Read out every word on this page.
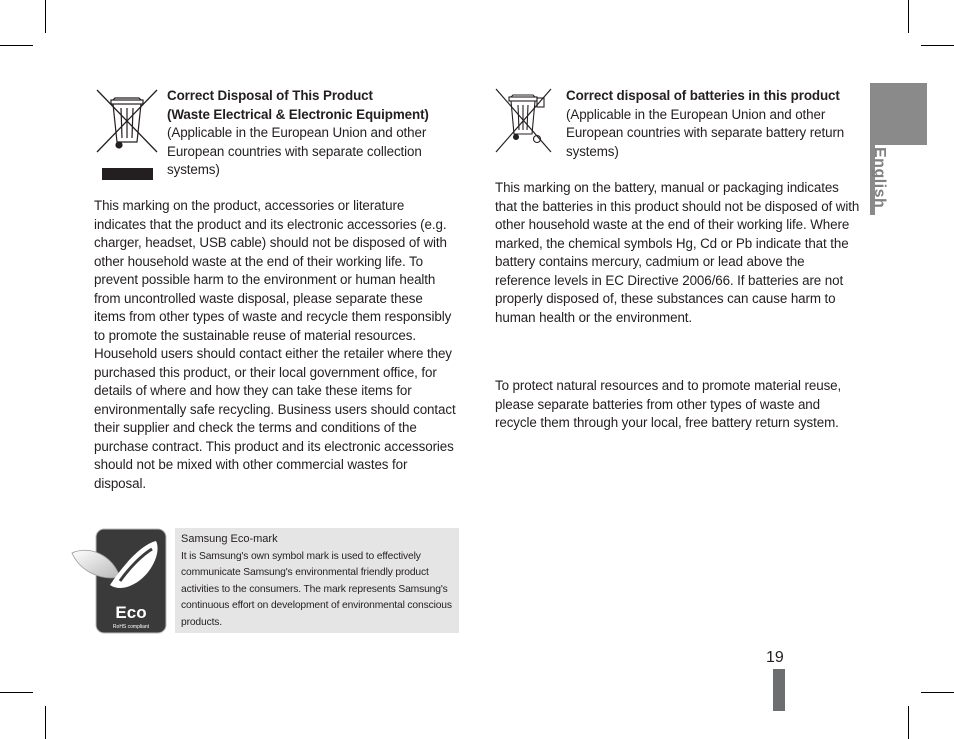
Correct Disposal of This Product
(Waste Electrical & Electronic Equipment)
(Applicable in the European Union and other European countries with separate collection systems)

This marking on the product, accessories or literature indicates that the product and its electronic accessories (e.g. charger, headset, USB cable) should not be disposed of with other household waste at the end of their working life. To prevent possible harm to the environment or human health from uncontrolled waste disposal, please separate these items from other types of waste and recycle them responsibly to promote the sustainable reuse of material resources. Household users should contact either the retailer where they purchased this product, or their local government office, for details of where and how they can take these items for environmentally safe recycling. Business users should contact their supplier and check the terms and conditions of the purchase contract. This product and its electronic accessories should not be mixed with other commercial wastes for disposal.

Eco
RoHS compliant
Samsung Eco-mark
It is Samsung's own symbol mark is used to effectively communicate Samsung's environmental friendly product activities to the consumers. The mark represents Samsung's continuous effort on development of environmental conscious products.
Correct disposal of batteries in this product
(Applicable in the European Union and other European countries with separate battery return systems)

This marking on the battery, manual or packaging indicates that the batteries in this product should not be disposed of with other household waste at the end of their working life. Where marked, the chemical symbols Hg, Cd or Pb indicate that the battery contains mercury, cadmium or lead above the reference levels in EC Directive 2006/66. If batteries are not properly disposed of, these substances can cause harm to human health or the environment.

To protect natural resources and to promote material reuse, please separate batteries from other types of waste and recycle them through your local, free battery return system.

English
19
